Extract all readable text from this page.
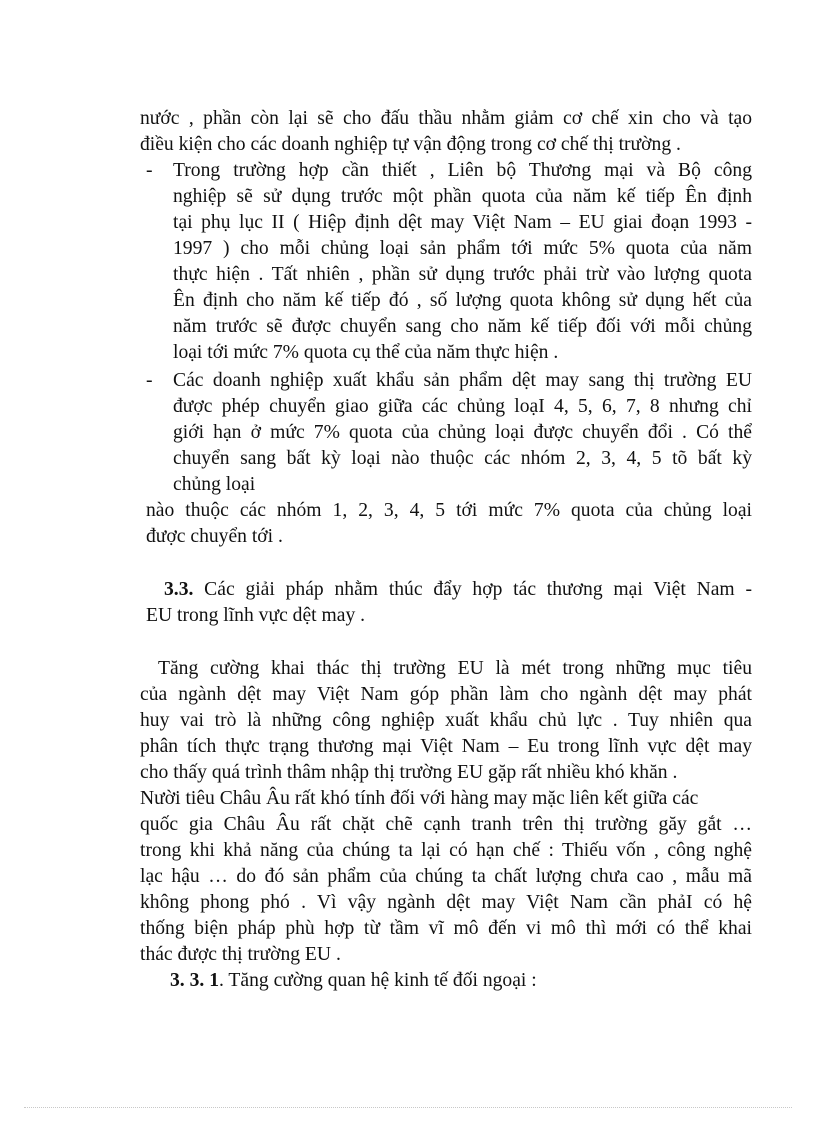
nước , phần còn lại sẽ cho đấu thầu nhằm giảm cơ chế xin cho và tạo
điều kiện cho các doanh nghiệp tự vận động trong cơ chế thị trường .
- Trong trường hợp cần thiết , Liên bộ Thương mại và Bộ công
nghiệp sẽ sử dụng trước một phần quota của năm kế tiếp Ên định
tại phụ lục II ( Hiệp định dệt may Việt Nam – EU giai đoạn 1993 -
1997 ) cho mỗi chủng loại sản phẩm tới mức 5% quota của năm
thực hiện . Tất nhiên , phần sử dụng trước phải trừ vào lượng quota
Ên định cho năm kế tiếp đó , số lượng quota không sử dụng hết của
năm trước sẽ được chuyển sang cho năm kế tiếp đối với mỗi chủng
loại tới mức 7% quota cụ thể của năm thực hiện .
- Các doanh nghiệp xuất khẩu sản phẩm dệt may sang thị trường EU
được phép chuyển giao giữa các chủng loạI 4, 5, 6, 7, 8 nhưng chỉ
giới hạn ở mức 7% quota của chủng loại được chuyển đổi . Có thể
chuyển sang bất kỳ loại nào thuộc các nhóm 2, 3, 4, 5 tõ bất kỳ
chủng loại
nào thuộc các nhóm 1, 2, 3, 4, 5 tới mức 7% quota của chủng loại
được chuyển tới .
3.3. Các giải pháp nhằm thúc đẩy hợp tác thương mại Việt Nam -
EU trong lĩnh vực dệt may .
Tăng cường khai thác thị trường EU là mét trong những mục tiêu
của ngành dệt may Việt Nam góp phần làm cho ngành dệt may phát
huy vai trò là những công nghiệp xuất khẩu chủ lực . Tuy nhiên qua
phân tích thực trạng thương mại Việt Nam – Eu trong lĩnh vực dệt may
cho thấy quá trình thâm nhập thị trường EU gặp rất nhiều khó khăn .
Nười tiêu Châu Âu rất khó tính đối với hàng may mặc liên kết giữa các
quốc gia Châu Âu rất chặt chẽ cạnh tranh trên thị trường găy gắt …
trong khi khả năng của chúng ta lại có hạn chế : Thiếu vốn , công nghệ
lạc hậu … do đó sản phẩm của chúng ta chất lượng chưa cao , mẫu mã
không phong phó . Vì vậy ngành dệt may Việt Nam cần phảI có hệ
thống biện pháp phù hợp từ tầm vĩ mô đến vi mô thì mới có thể khai
thác được thị trường EU .
3. 3. 1. Tăng cường quan hệ kinh tế đối ngoại :
